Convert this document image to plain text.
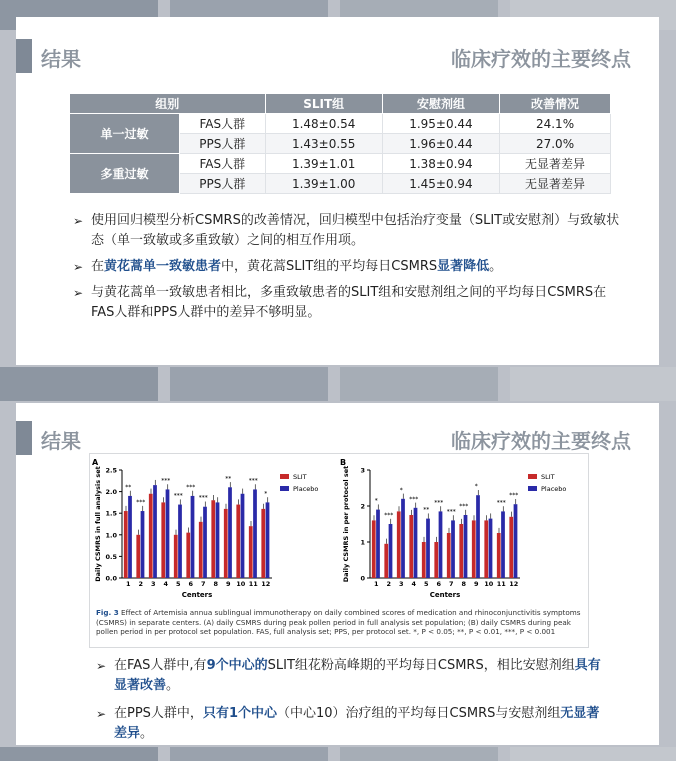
结果	临床疗效的主要终点
组别		SLIT组	安慰剂组	改善情况
单一过敏	FAS人群	1.48±0.54	1.95±0.44	24.1%
	PPS人群	1.43±0.55	1.96±0.44	27.0%
多重过敏	FAS人群	1.39±1.01	1.38±0.94	无显著差异
	PPS人群	1.39±1.00	1.45±0.94	无显著差异
➢ 使用回归模型分析CSMRS的改善情况，回归模型中包括治疗变量（SLIT或安慰剂）与致敏状态（单一致敏或多重致敏）之间的相互作用项。
➢ 在黄花蒿单一致敏患者中，黄花蒿SLIT组的平均每日CSMRS显著降低。
➢ 与黄花蒿单一致敏患者相比，多重致敏患者的SLIT组和安慰剂组之间的平均每日CSMRS在FAS人群和PPS人群中的差异不够明显。
结果	临床疗效的主要终点
A
0.0
0.5
1.0
1.5
2.0
2.5
Daily CSMRS in full analysis set	**
1
***
2 3
***
4
***
5
***
6
***
7 8
**
9 10
***
11
*
12
Centers
SLIT
Placebo
B
0
1
2
3
Daily CSMRS in per protocol set	*
1
***
2
*
3
***
4
**
5
***
6
***
7
***
8
*
9 10
***
11
***
12
Centers
SLIT
Placebo
Fig. 3 Effect of Artemisia annua sublingual immunotherapy on daily combined scores of medication and rhinoconjunctivitis symptoms (CSMRS) in separate centers. (A) daily CSMRS during peak pollen period in full analysis set population; (B) daily CSMRS during peak pollen period in per protocol set population. FAS, full analysis set; PPS, per protocol set. *, P < 0.05; **, P < 0.01, ***, P < 0.001
➢ 在FAS人群中,有9个中心的SLIT组花粉高峰期的平均每日CSMRS，相比安慰剂组具有显著改善。
➢ 在PPS人群中，只有1个中心（中心10）治疗组的平均每日CSMRS与安慰剂组无显著差异。
